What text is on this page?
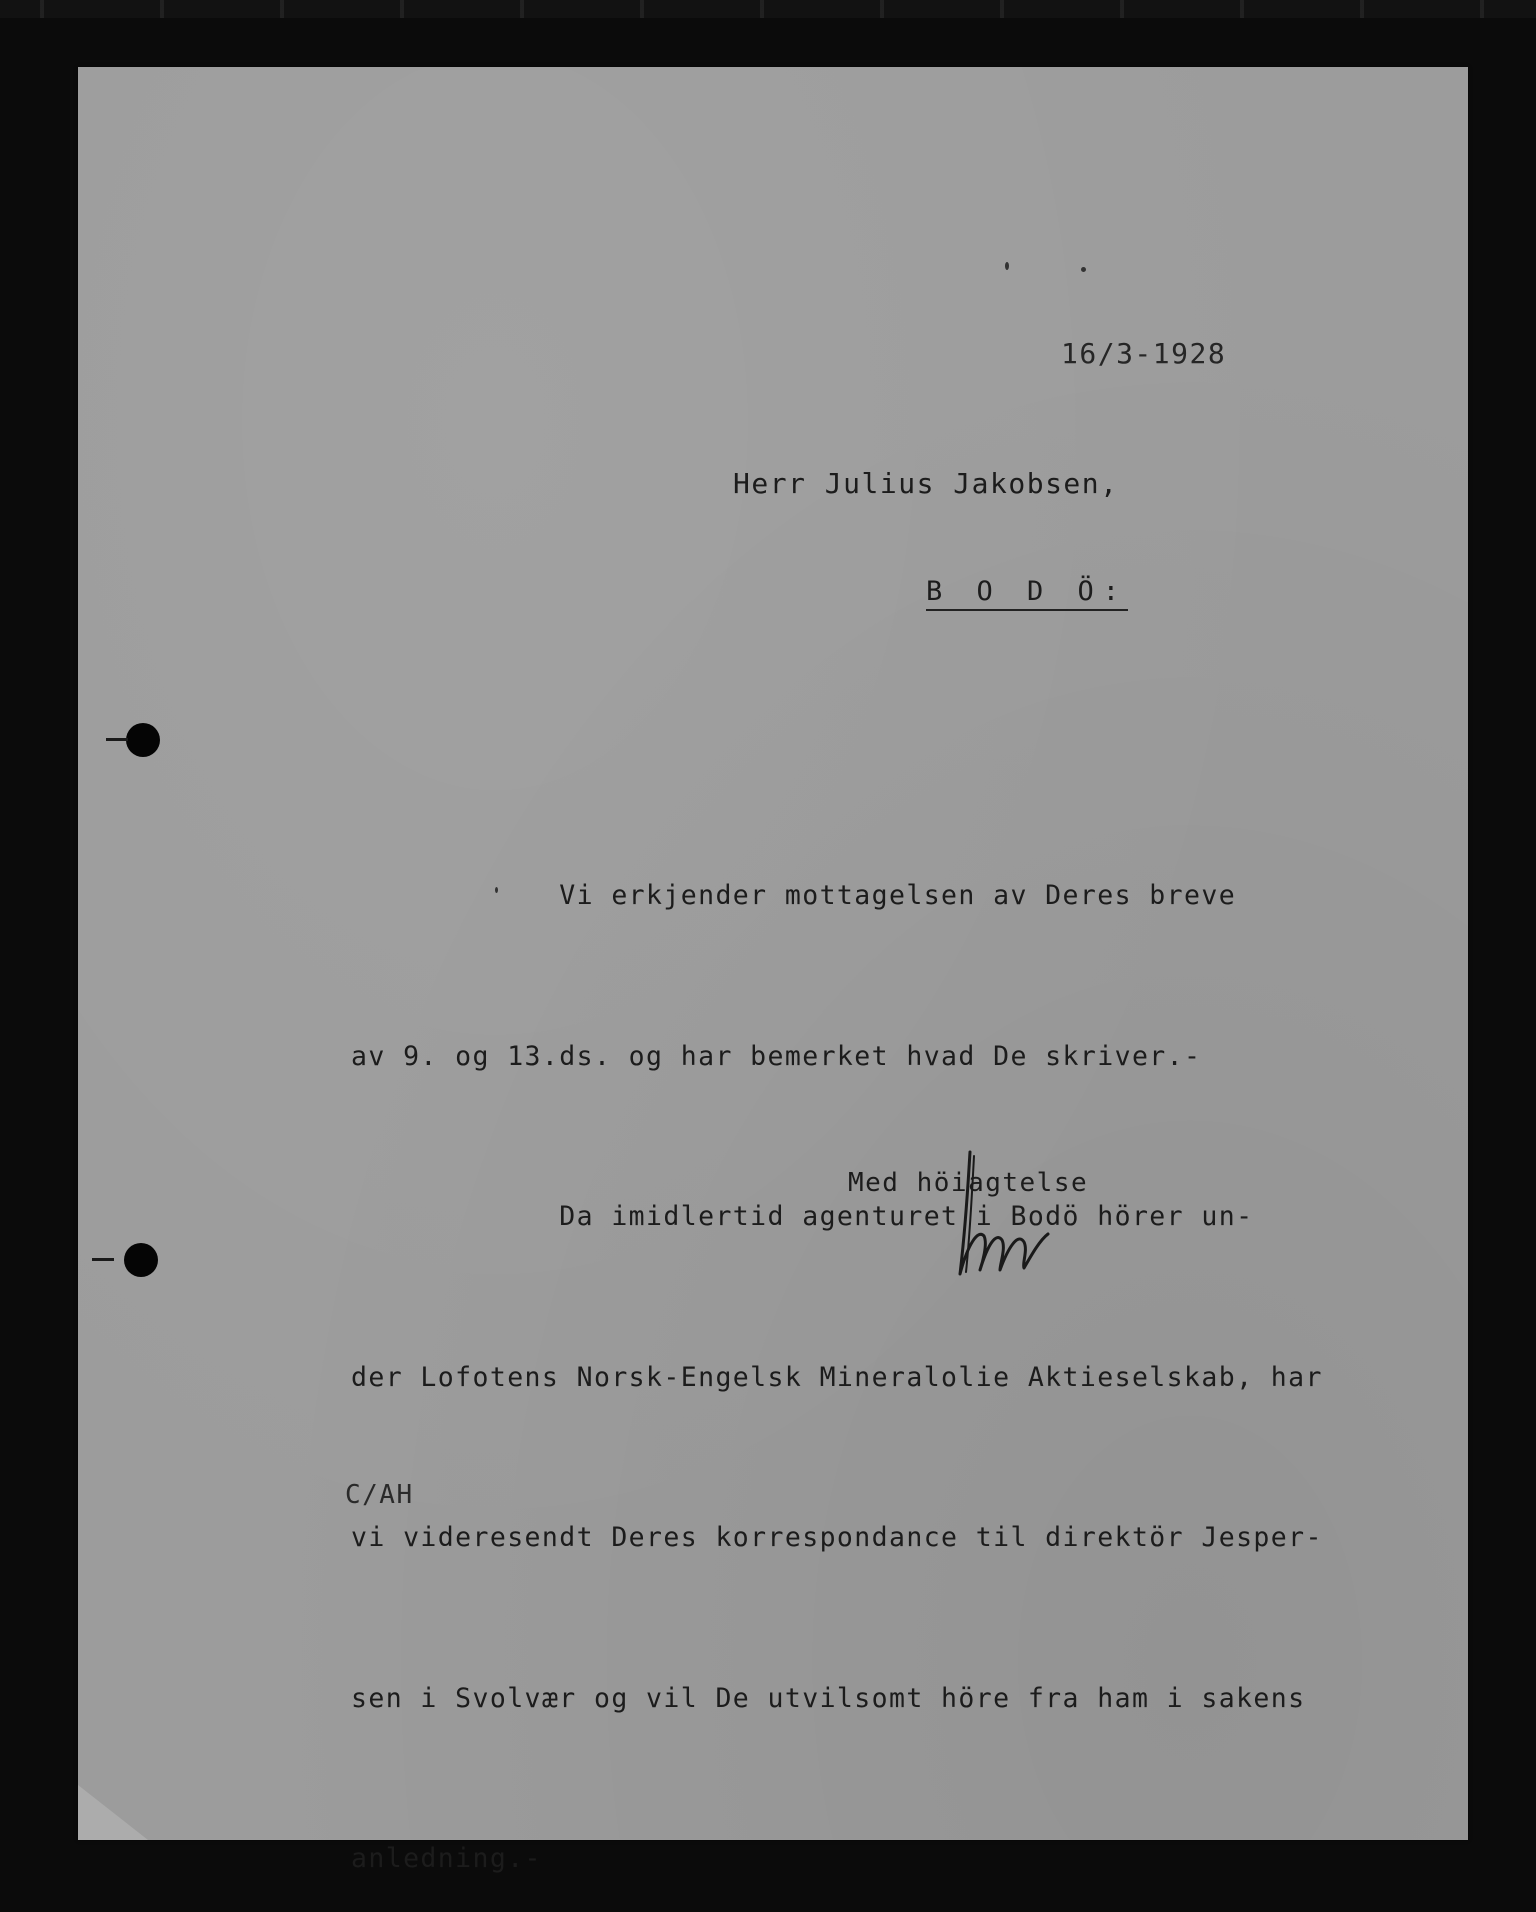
16/3-1928
Herr Julius Jakobsen,
B O D Ö:

Vi erkjender mottagelsen av Deres breve

av 9. og 13.ds. og har bemerket hvad De skriver.-

Da imidlertid agenturet i Bodö hörer un-

der Lofotens Norsk-Engelsk Mineralolie Aktieselskab, har

vi videresendt Deres korrespondance til direktör Jesper-

sen i Svolvær og vil De utvilsomt höre fra ham i sakens

anledning.-

Med höiagtelse
C/AH
